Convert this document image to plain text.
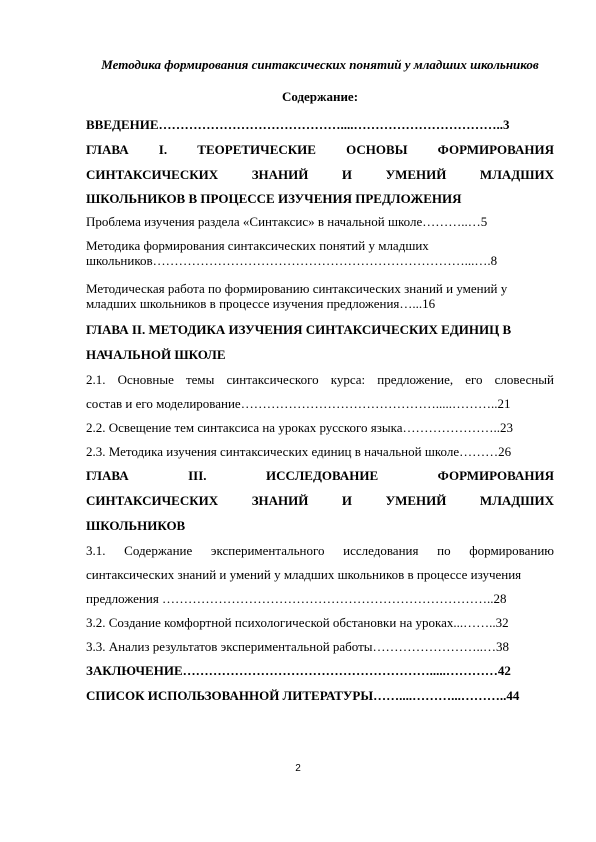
Методика формирования синтаксических понятий у младших школьников
Содержание:
ВВЕДЕНИЕ……………………………………....……………………………..3
ГЛАВА I. ТЕОРЕТИЧЕСКИЕ ОСНОВЫ ФОРМИРОВАНИЯ
СИНТАКСИЧЕСКИХ ЗНАНИЙ И УМЕНИЙ МЛАДШИХ
ШКОЛЬНИКОВ В ПРОЦЕССЕ ИЗУЧЕНИЯ ПРЕДЛОЖЕНИЯ
Проблема изучения раздела «Синтаксис» в начальной школе………..…5
Методика формирования синтаксических понятий у младших
школьников………………………………………………………………...….8
Методическая работа по формированию синтаксических знаний и умений у
младших школьников в процессе изучения предложения…...16
ГЛАВА II. МЕТОДИКА ИЗУЧЕНИЯ СИНТАКСИЧЕСКИХ ЕДИНИЦ В
НАЧАЛЬНОЙ ШКОЛЕ
2.1. Основные темы синтаксического курса: предложение, его словесный
состав и его моделирование……………………………………….....………..21
2.2. Освещение тем синтаксиса на уроках русского языка…………………..23
2.3. Методика изучения синтаксических единиц в начальной школе………26
ГЛАВА III. ИССЛЕДОВАНИЕ ФОРМИРОВАНИЯ
СИНТАКСИЧЕСКИХ ЗНАНИЙ И УМЕНИЙ МЛАДШИХ
ШКОЛЬНИКОВ
3.1. Содержание экспериментального исследования по формированию
синтаксических знаний и умений у младших школьников в процессе изучения
предложения …………………………………………………………………..28
3.2. Создание комфортной психологической обстановки на уроках...……..32
3.3. Анализ результатов экспериментальной работы……………………..…38
ЗАКЛЮЧЕНИЕ………………………………………………….....…………42
СПИСОК ИСПОЛЬЗОВАННОЙ ЛИТЕРАТУРЫ……....………...………..44
2
